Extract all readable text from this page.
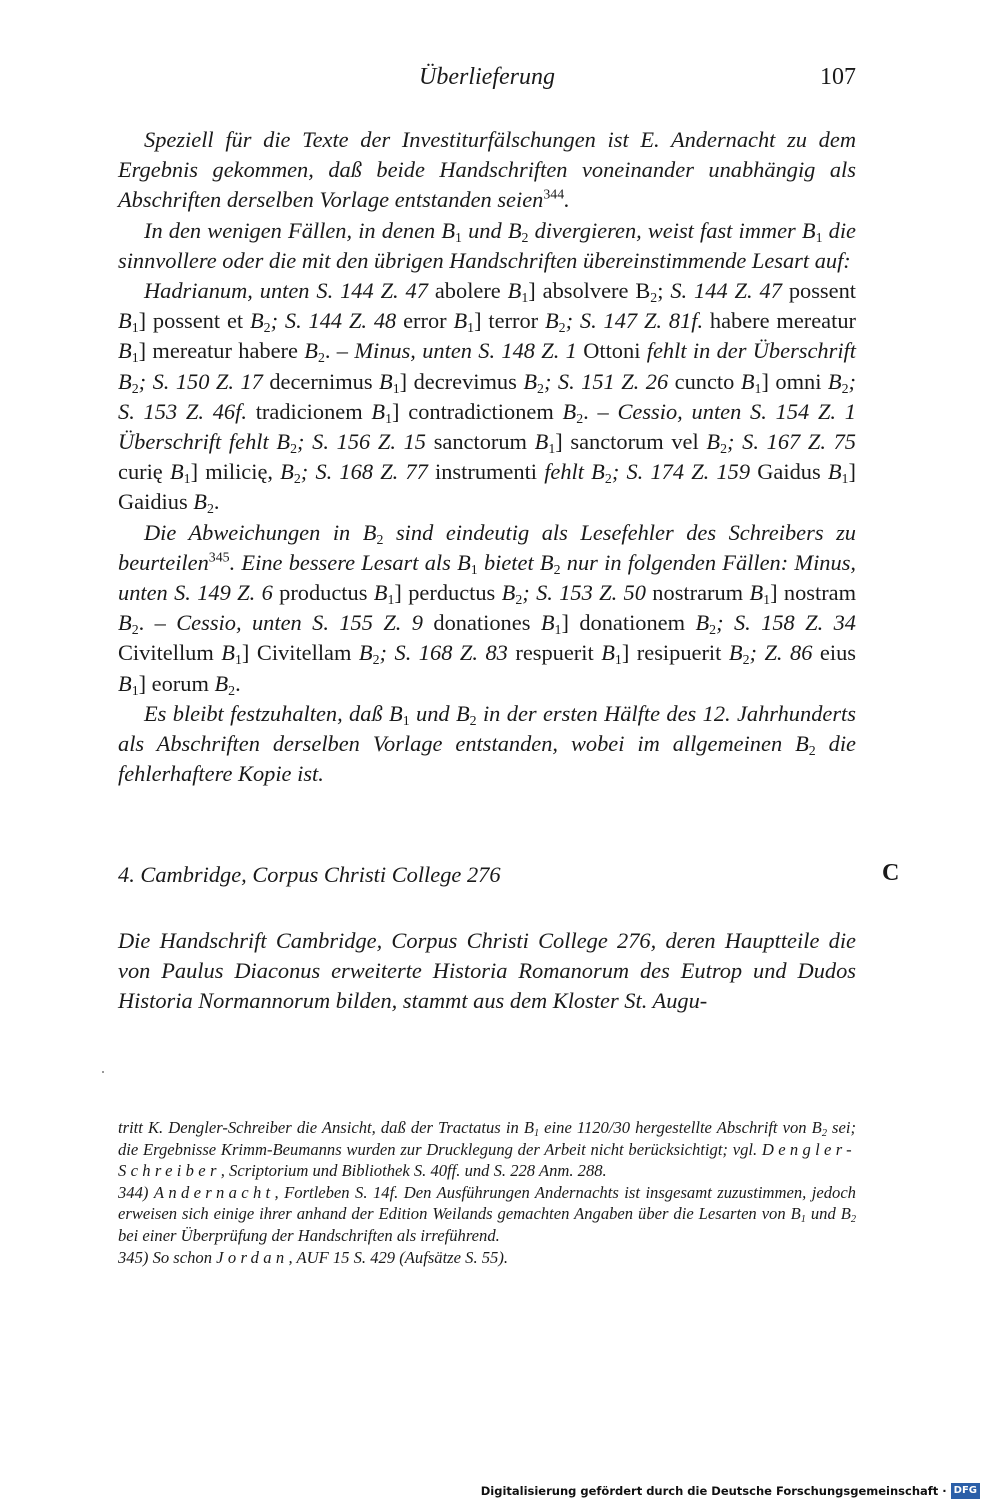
Überlieferung	107

Speziell für die Texte der Investiturfälschungen ist E. Andernacht zu dem Ergebnis gekommen, daß beide Handschriften voneinander unabhängig als Abschriften derselben Vorlage entstanden seien$^{344}$.

In den wenigen Fällen, in denen $B_1$ und $B_2$ divergieren, weist fast immer $B_1$ die sinnvollere oder die mit den übrigen Handschriften übereinstimmende Lesart auf:

Hadrianum, unten S. 144 Z. 47 abolere $B_1$] absolvere $B_2$; S. 144 Z. 47 possent $B_1$] possent et $B_2$; S. 144 Z. 48 error $B_1$] terror $B_2$; S. 147 Z. 81f. habere mereatur $B_1$] mereatur habere $B_2$. – Minus, unten S. 148 Z. 1 Ottoni fehlt in der Überschrift $B_2$; S. 150 Z. 17 decernimus $B_1$] decrevimus $B_2$; S. 151 Z. 26 cuncto $B_1$] omni $B_2$; S. 153 Z. 46f. tradicionem $B_1$] contradictionem $B_2$. – Cessio, unten S. 154 Z. 1 Überschrift fehlt $B_2$; S. 156 Z. 15 sanctorum $B_1$] sanctorum vel $B_2$; S. 167 Z. 75 curię $B_1$] milicię, $B_2$; S. 168 Z. 77 instrumenti fehlt $B_2$; S. 174 Z. 159 Gaidus $B_1$] Gaidius $B_2$.

Die Abweichungen in $B_2$ sind eindeutig als Lesefehler des Schreibers zu beurteilen$^{345}$. Eine bessere Lesart als $B_1$ bietet $B_2$ nur in folgenden Fällen: Minus, unten S. 149 Z. 6 productus $B_1$] perductus $B_2$; S. 153 Z. 50 nostrarum $B_1$] nostram $B_2$. – Cessio, unten S. 155 Z. 9 donationes $B_1$] donationem $B_2$; S. 158 Z. 34 Civitellum $B_1$] Civitellam $B_2$; S. 168 Z. 83 respuerit $B_1$] resipuerit $B_2$; Z. 86 eius $B_1$] eorum $B_2$.

Es bleibt festzuhalten, daß $B_1$ und $B_2$ in der ersten Hälfte des 12. Jahrhunderts als Abschriften derselben Vorlage entstanden, wobei im allgemeinen $B_2$ die fehlerhaftere Kopie ist.

4. Cambridge, Corpus Christi College 276	C

Die Handschrift Cambridge, Corpus Christi College 276, deren Hauptteile die von Paulus Diaconus erweiterte Historia Romanorum des Eutrop und Dudos Historia Normannorum bilden, stammt aus dem Kloster St. Augu-

tritt K. Dengler-Schreiber die Ansicht, daß der Tractatus in $B_1$ eine 1120/30 hergestellte Abschrift von $B_2$ sei; die Ergebnisse Krimm-Beumanns wurden zur Drucklegung der Arbeit nicht berücksichtigt; vgl. Dengler-Schreiber, Scriptorium und Bibliothek S. 40ff. und S. 228 Anm. 288.

344) Andernacht, Fortleben S. 14f. Den Ausführungen Andernachts ist insgesamt zuzustimmen, jedoch erweisen sich einige ihrer anhand der Edition Weilands gemachten Angaben über die Lesarten von $B_1$ und $B_2$ bei einer Überprüfung der Handschriften als irreführend.

345) So schon Jordan, AUF 15 S. 429 (Aufsätze S. 55).

Digitalisierung gefördert durch die Deutsche Forschungsgemeinschaft · DFG
